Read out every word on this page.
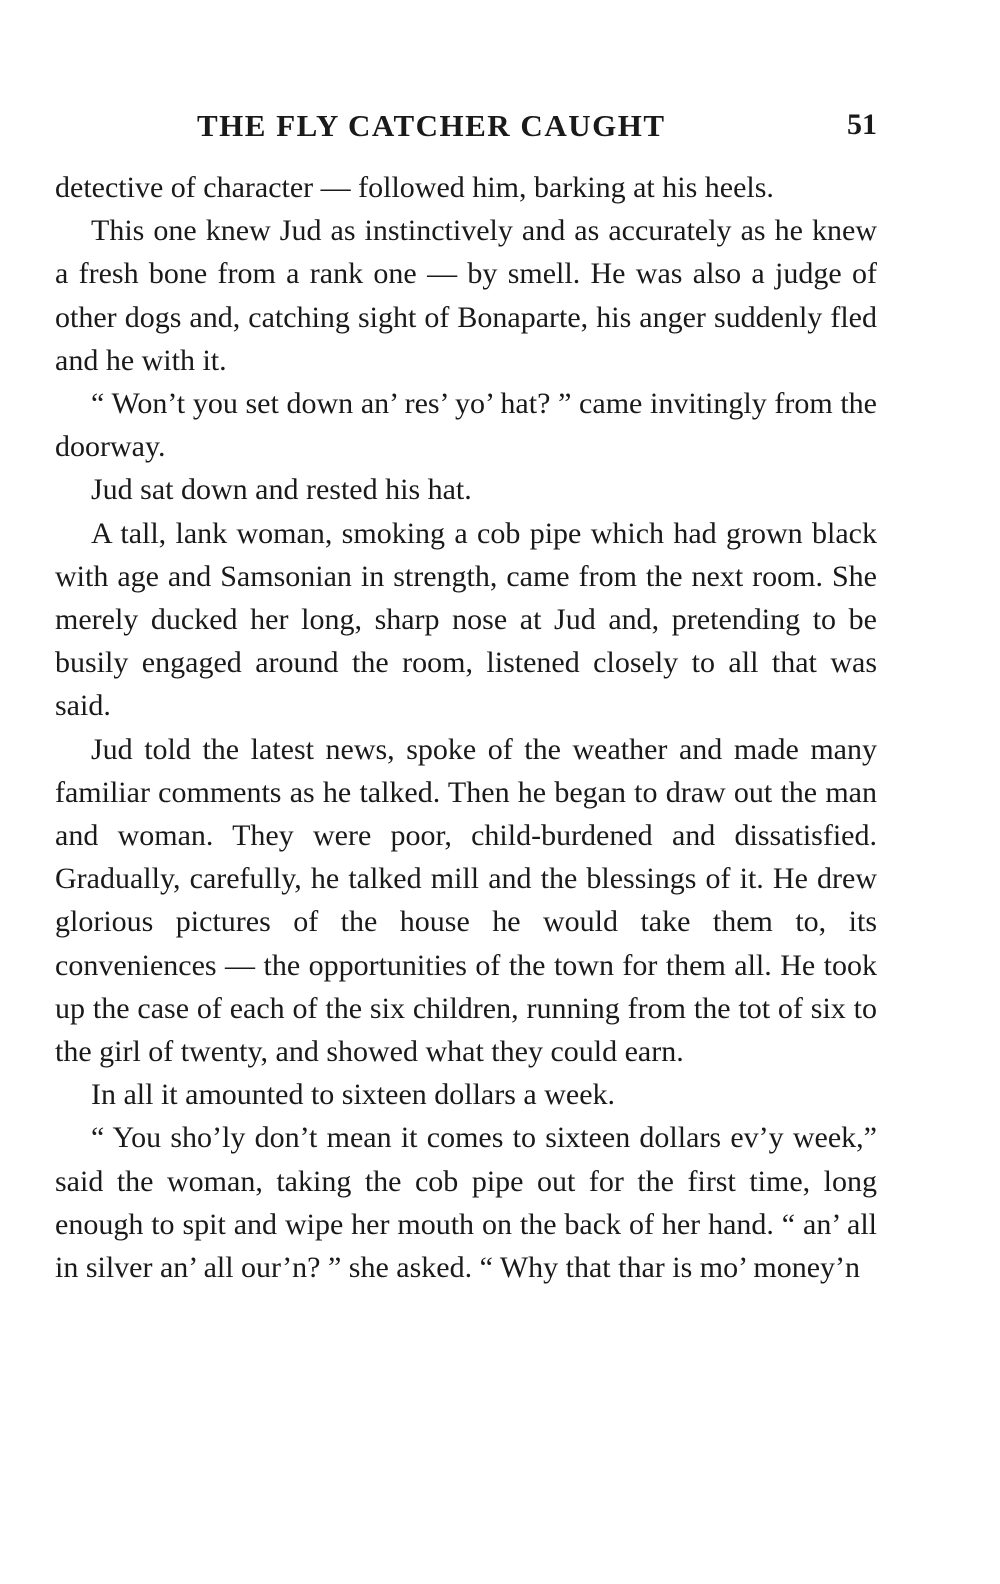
THE FLY CATCHER CAUGHT	51

detective of character — followed him, barking at his heels.

This one knew Jud as instinctively and as accurately as he knew a fresh bone from a rank one — by smell. He was also a judge of other dogs and, catching sight of Bonaparte, his anger suddenly fled and he with it.

“ Won’t you set down an’ res’ yo’ hat? ” came invitingly from the doorway.

Jud sat down and rested his hat.

A tall, lank woman, smoking a cob pipe which had grown black with age and Samsonian in strength, came from the next room. She merely ducked her long, sharp nose at Jud and, pretending to be busily engaged around the room, listened closely to all that was said.

Jud told the latest news, spoke of the weather and made many familiar comments as he talked. Then he began to draw out the man and woman. They were poor, child-burdened and dissatisfied. Gradually, carefully, he talked mill and the blessings of it. He drew glorious pictures of the house he would take them to, its conveniences — the opportunities of the town for them all. He took up the case of each of the six children, running from the tot of six to the girl of twenty, and showed what they could earn.

In all it amounted to sixteen dollars a week.

“ You sho’ly don’t mean it comes to sixteen dollars ev’y week,” said the woman, taking the cob pipe out for the first time, long enough to spit and wipe her mouth on the back of her hand. “ an’ all in silver an’ all our’n? ” she asked. “ Why that thar is mo’ money’n
